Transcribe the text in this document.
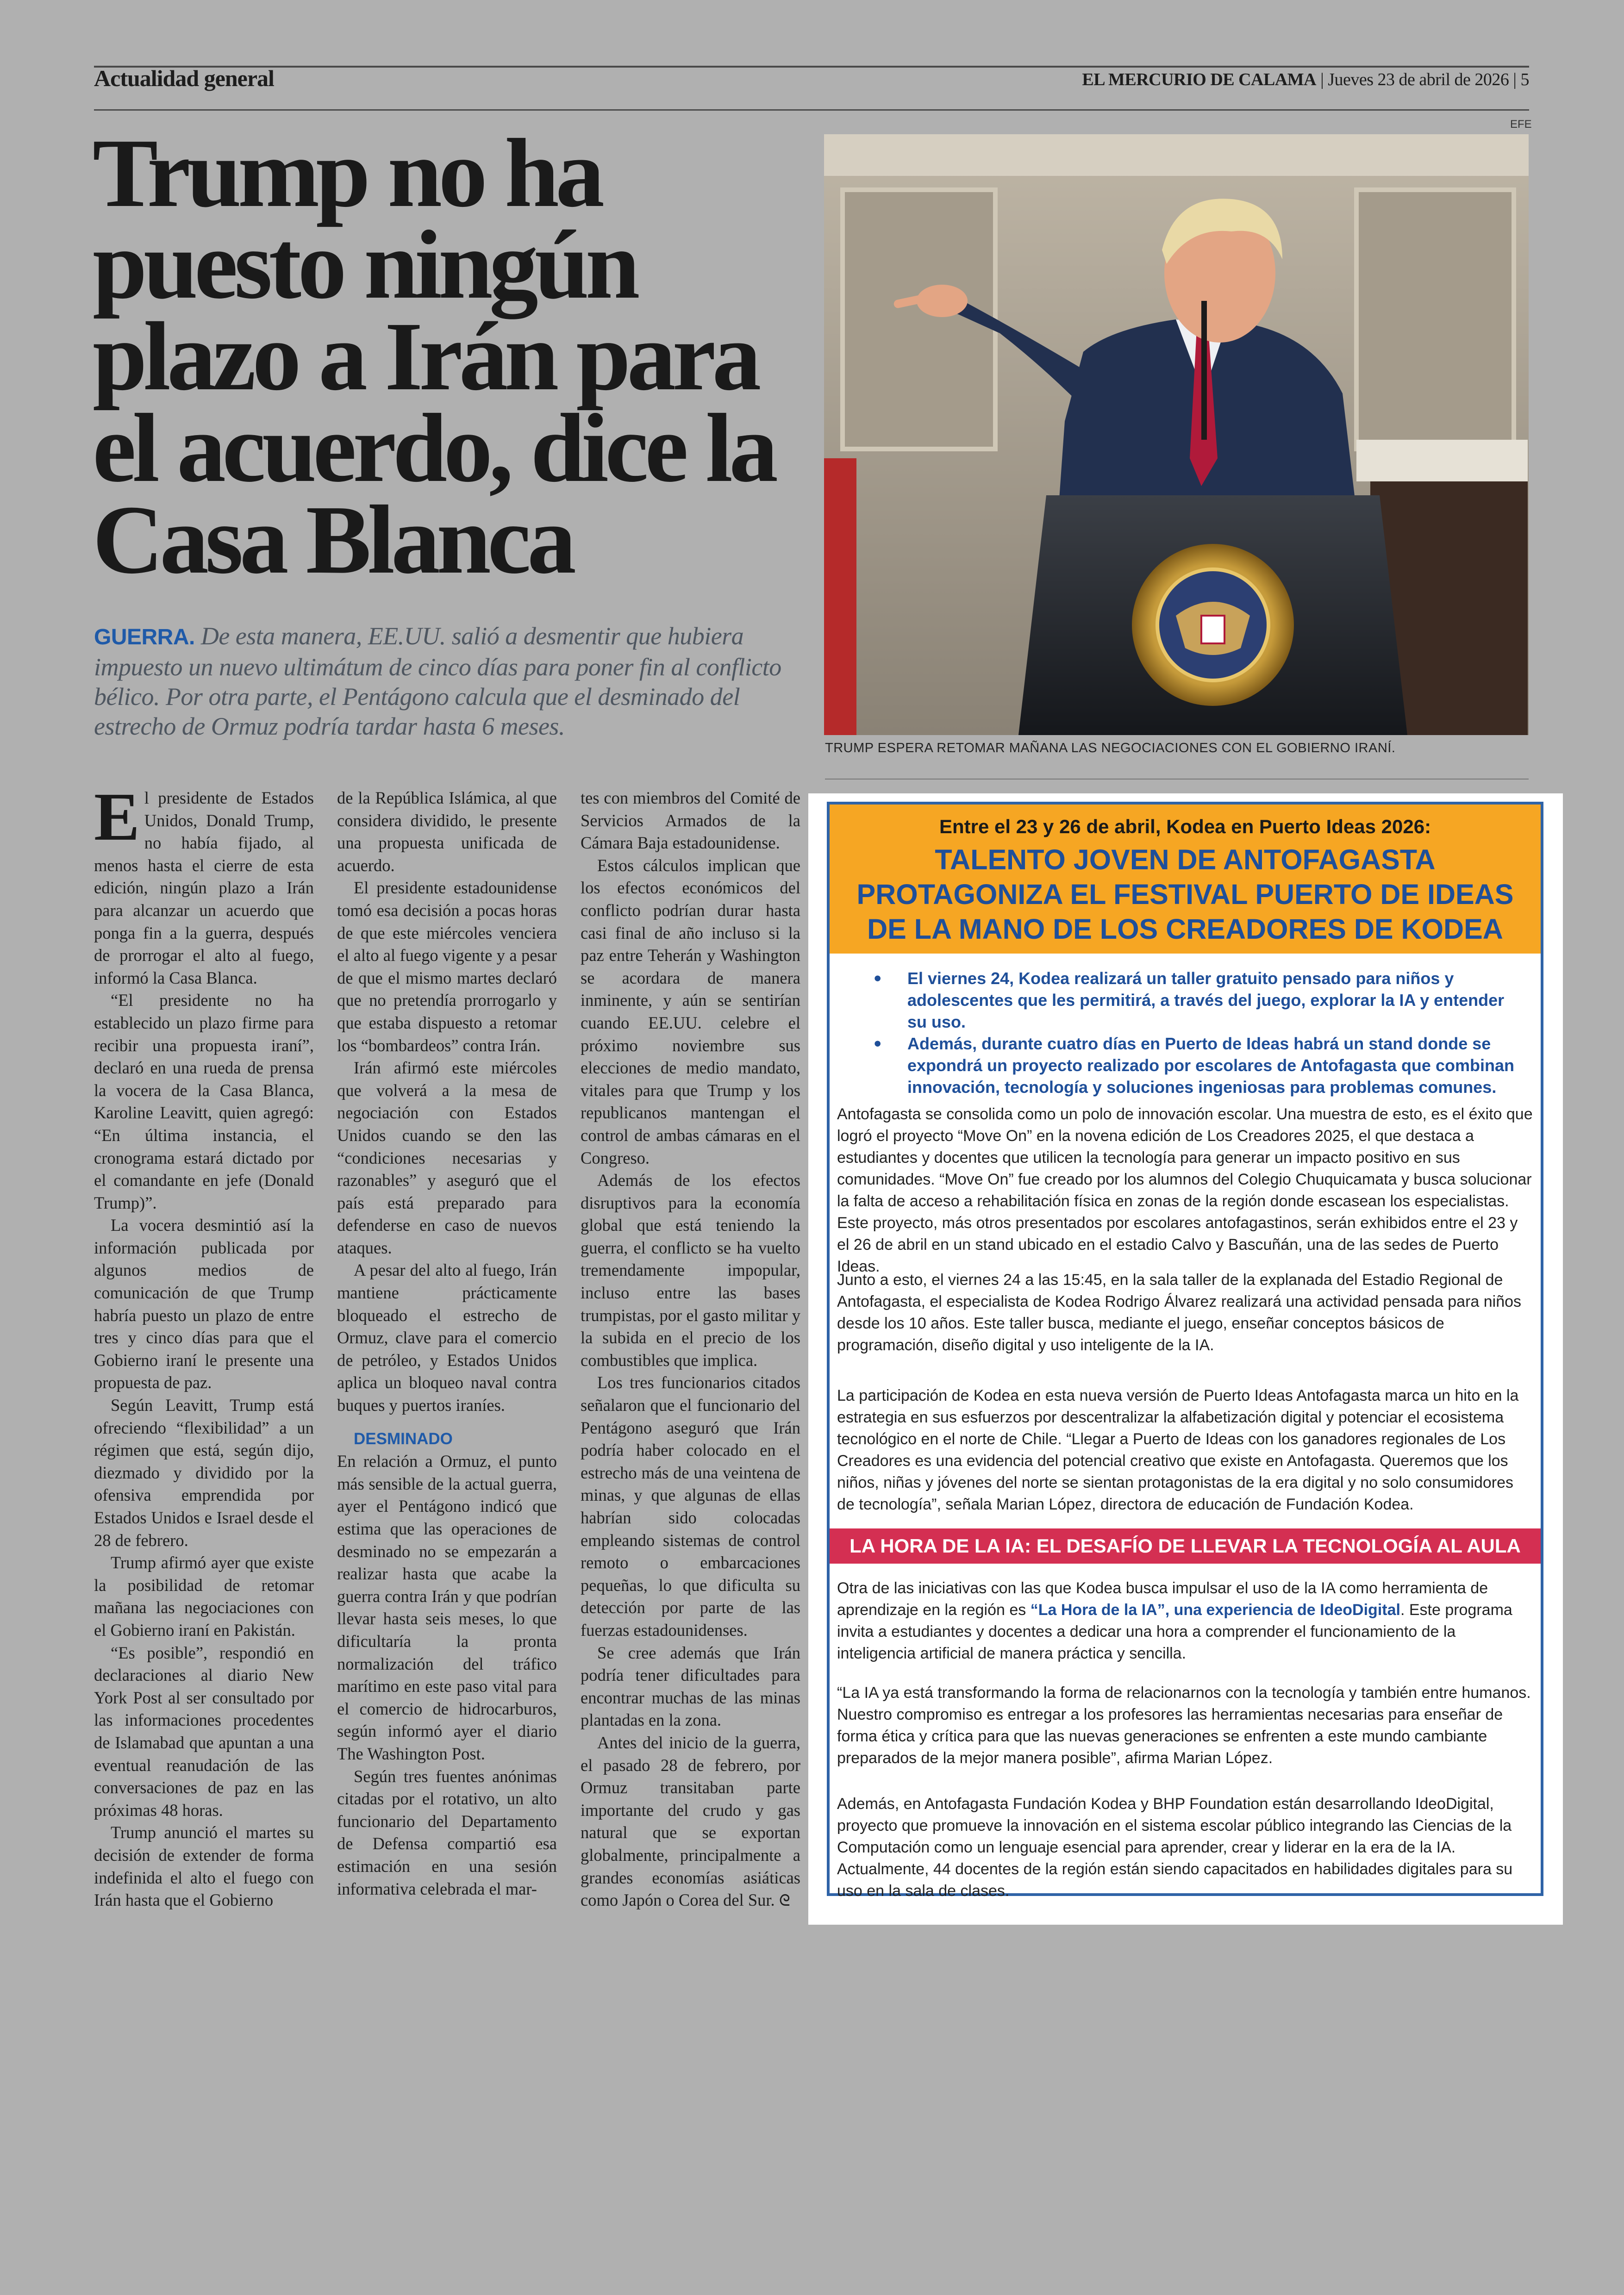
Actualidad general	EL MERCURIO DE CALAMA | Jueves 23 de abril de 2026 | 5
Trump no ha puesto ningún plazo a Irán para el acuerdo, dice la Casa Blanca
GUERRA. De esta manera, EE.UU. salió a desmentir que hubiera impuesto un nuevo ultimátum de cinco días para poner fin al conflicto bélico. Por otra parte, el Pentágono calcula que el desminado del estrecho de Ormuz podría tardar hasta 6 meses.
EFE
TRUMP ESPERA RETOMAR MAÑANA LAS NEGOCIACIONES CON EL GOBIERNO IRANÍ.

El presidente de Estados Unidos, Donald Trump, no había fijado, al menos hasta el cierre de esta edición, ningún plazo a Irán para alcanzar un acuerdo que ponga fin a la guerra, después de prorrogar el alto al fuego, informó la Casa Blanca.

“El presidente no ha establecido un plazo firme para recibir una propuesta iraní”, declaró en una rueda de prensa la vocera de la Casa Blanca, Karoline Leavitt, quien agregó: “En última instancia, el cronograma estará dictado por el comandante en jefe (Donald Trump)”.

La vocera desmintió así la información publicada por algunos medios de comunicación de que Trump habría puesto un plazo de entre tres y cinco días para que el Gobierno iraní le presente una propuesta de paz.

Según Leavitt, Trump está ofreciendo “flexibilidad” a un régimen que está, según dijo, diezmado y dividido por la ofensiva emprendida por Estados Unidos e Israel desde el 28 de febrero.

Trump afirmó ayer que existe la posibilidad de retomar mañana las negociaciones con el Gobierno iraní en Pakistán.

“Es posible”, respondió en declaraciones al diario New York Post al ser consultado por las informaciones procedentes de Islamabad que apuntan a una eventual reanudación de las conversaciones de paz en las próximas 48 horas.

Trump anunció el martes su decisión de extender de forma indefinida el alto el fuego con Irán hasta que el Gobierno

de la República Islámica, al que considera dividido, le presente una propuesta unificada de acuerdo.

El presidente estadounidense tomó esa decisión a pocas horas de que este miércoles venciera el alto al fuego vigente y a pesar de que el mismo martes declaró que no pretendía prorrogarlo y que estaba dispuesto a retomar los “bombardeos” contra Irán.

Irán afirmó este miércoles que volverá a la mesa de negociación con Estados Unidos cuando se den las “condiciones necesarias y razonables” y aseguró que el país está preparado para defenderse en caso de nuevos ataques.

A pesar del alto al fuego, Irán mantiene prácticamente bloqueado el estrecho de Ormuz, clave para el comercio de petróleo, y Estados Unidos aplica un bloqueo naval contra buques y puertos iraníes.

DESMINADO

En relación a Ormuz, el punto más sensible de la actual guerra, ayer el Pentágono indicó que estima que las operaciones de desminado no se empezarán a realizar hasta que acabe la guerra contra Irán y que podrían llevar hasta seis meses, lo que dificultaría la pronta normalización del tráfico marítimo en este paso vital para el comercio de hidrocarburos, según informó ayer el diario The Washington Post.

Según tres fuentes anónimas citadas por el rotativo, un alto funcionario del Departamento de Defensa compartió esa estimación en una sesión informativa celebrada el mar-

tes con miembros del Comité de Servicios Armados de la Cámara Baja estadounidense.

Estos cálculos implican que los efectos económicos del conflicto podrían durar hasta casi final de año incluso si la paz entre Teherán y Washington se acordara de manera inminente, y aún se sentirían cuando EE.UU. celebre el próximo noviembre sus elecciones de medio mandato, vitales para que Trump y los republicanos mantengan el control de ambas cámaras en el Congreso.

Además de los efectos disruptivos para la economía global que está teniendo la guerra, el conflicto se ha vuelto tremendamente impopular, incluso entre las bases trumpistas, por el gasto militar y la subida en el precio de los combustibles que implica.

Los tres funcionarios citados señalaron que el funcionario del Pentágono aseguró que Irán podría haber colocado en el estrecho más de una veintena de minas, y que algunas de ellas habrían sido colocadas empleando sistemas de control remoto o embarcaciones pequeñas, lo que dificulta su detección por parte de las fuerzas estadounidenses.

Se cree además que Irán podría tener dificultades para encontrar muchas de las minas plantadas en la zona.

Antes del inicio de la guerra, el pasado 28 de febrero, por Ormuz transitaban parte importante del crudo y gas natural que se exportan globalmente, principalmente a grandes economías asiáticas como Japón o Corea del Sur. ᘓ

Entre el 23 y 26 de abril, Kodea en Puerto Ideas 2026:
TALENTO JOVEN DE ANTOFAGASTA PROTAGONIZA EL FESTIVAL PUERTO DE IDEAS DE LA MANO DE LOS CREADORES DE KODEA
• El viernes 24, Kodea realizará un taller gratuito pensado para niños y adolescentes que les permitirá, a través del juego, explorar la IA y entender su uso.
• Además, durante cuatro días en Puerto de Ideas habrá un stand donde se expondrá un proyecto realizado por escolares de Antofagasta que combinan innovación, tecnología y soluciones ingeniosas para problemas comunes.

Antofagasta se consolida como un polo de innovación escolar. Una muestra de esto, es el éxito que logró el proyecto “Move On” en la novena edición de Los Creadores 2025, el que destaca a estudiantes y docentes que utilicen la tecnología para generar un impacto positivo en sus comunidades. “Move On” fue creado por los alumnos del Colegio Chuquicamata y busca solucionar la falta de acceso a rehabilitación física en zonas de la región donde escasean los especialistas. Este proyecto, más otros presentados por escolares antofagastinos, serán exhibidos entre el 23 y el 26 de abril en un stand ubicado en el estadio Calvo y Bascuñán, una de las sedes de Puerto Ideas.

Junto a esto, el viernes 24 a las 15:45, en la sala taller de la explanada del Estadio Regional de Antofagasta, el especialista de Kodea Rodrigo Álvarez realizará una actividad pensada para niños desde los 10 años. Este taller busca, mediante el juego, enseñar conceptos básicos de programación, diseño digital y uso inteligente de la IA.

La participación de Kodea en esta nueva versión de Puerto Ideas Antofagasta marca un hito en la estrategia en sus esfuerzos por descentralizar la alfabetización digital y potenciar el ecosistema tecnológico en el norte de Chile. “Llegar a Puerto de Ideas con los ganadores regionales de Los Creadores es una evidencia del potencial creativo que existe en Antofagasta. Queremos que los niños, niñas y jóvenes del norte se sientan protagonistas de la era digital y no solo consumidores de tecnología”, señala Marian López, directora de educación de Fundación Kodea.

LA HORA DE LA IA: EL DESAFÍO DE LLEVAR LA TECNOLOGÍA AL AULA

Otra de las iniciativas con las que Kodea busca impulsar el uso de la IA como herramienta de aprendizaje en la región es “La Hora de la IA”, una experiencia de IdeoDigital. Este programa invita a estudiantes y docentes a dedicar una hora a comprender el funcionamiento de la inteligencia artificial de manera práctica y sencilla.

“La IA ya está transformando la forma de relacionarnos con la tecnología y también entre humanos. Nuestro compromiso es entregar a los profesores las herramientas necesarias para enseñar de forma ética y crítica para que las nuevas generaciones se enfrenten a este mundo cambiante preparados de la mejor manera posible”, afirma Marian López.

Además, en Antofagasta Fundación Kodea y BHP Foundation están desarrollando IdeoDigital, proyecto que promueve la innovación en el sistema escolar público integrando las Ciencias de la Computación como un lenguaje esencial para aprender, crear y liderar en la era de la IA. Actualmente, 44 docentes de la región están siendo capacitados en habilidades digitales para su uso en la sala de clases.
